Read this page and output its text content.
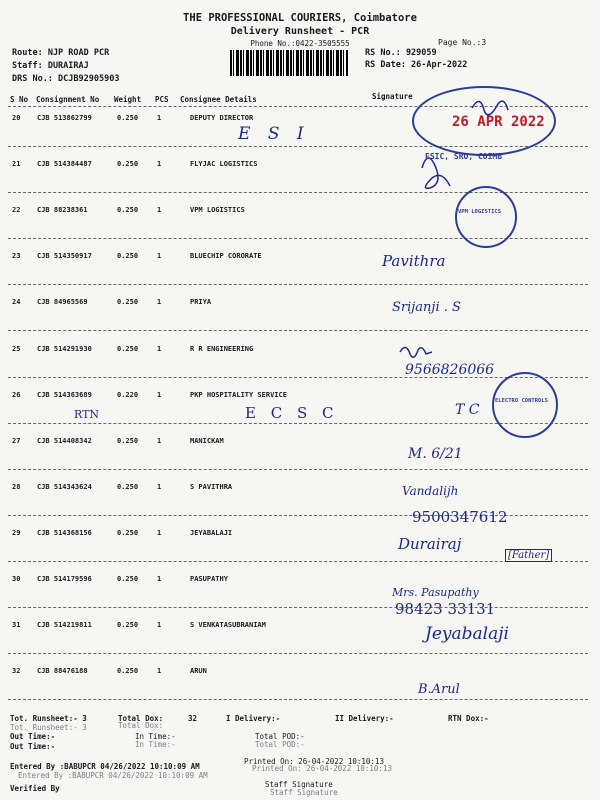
THE PROFESSIONAL COURIERS, Coimbatore
Delivery Runsheet - PCR
Phone No.:0422-3505555	Page No.:3
Route: NJP ROAD PCR
Staff: DURAIRAJ
DRS No.: DCJB92905903
RS No.: 929059
RS Date: 26-Apr-2022
S No Consignment No Weight PCS Consignee Details	Signature
20 CJB 513862799	0.250	1	DEPUTY DIRECTOR
21 CJB 514384487	0.250	1	FLYJAC LOGISTICS
22 CJB 88238361	0.250	1	VPM LOGISTICS
23 CJB 514350917	0.250	1	BLUECHIP CORORATE
24 CJB 84965569	0.250	1	PRIYA
25 CJB 514291930	0.250	1	R R ENGINEERING
26 CJB 514363689	0.220	1	PKP HOSPITALITY SERVICE
27 CJB 514408342	0.250	1	MANICKAM
28 CJB 514343624	0.250	1	S PAVITHRA
29 CJB 514368156	0.250	1	JEYABALAJI
30 CJB 514179596	0.250	1	PASUPATHY
31 CJB 514219811	0.250	1	S VENKATASUBRANIAM
32 CJB 88476188	0.250	1	ARUN
E S I
Pavithra
Srijanji . S
9566826066
RTN	E C S C	T C
M. 6/21
Vandalijh
9500347612
Durairaj
[Father]
Mrs. Pasupathy
98423 33131
Jeyabalaji
B.Arul
ESIC, SRO, COIMB
26 APR 2022
VPM LOGISTICS
ELECTRO CONTROLS
Tot. Runsheet:- 3
Tot. Runsheet:- 3
Total Dox:
Total Dox:
32	I Delivery:-	II Delivery:-	RTN Dox:-
Out Time:-
Out Time:-
In Time:-
In Time:-
Total POD:-
Total POD:-
Entered By :BABUPCR 04/26/2022 10:10:09 AM
Entered By :BABUPCR 04/26/2022 10:10:09 AM
Printed On: 26-04-2022 10:10:13
Printed On: 26-04-2022 10:10:13
Verified By	Staff Signature
Staff Signature
